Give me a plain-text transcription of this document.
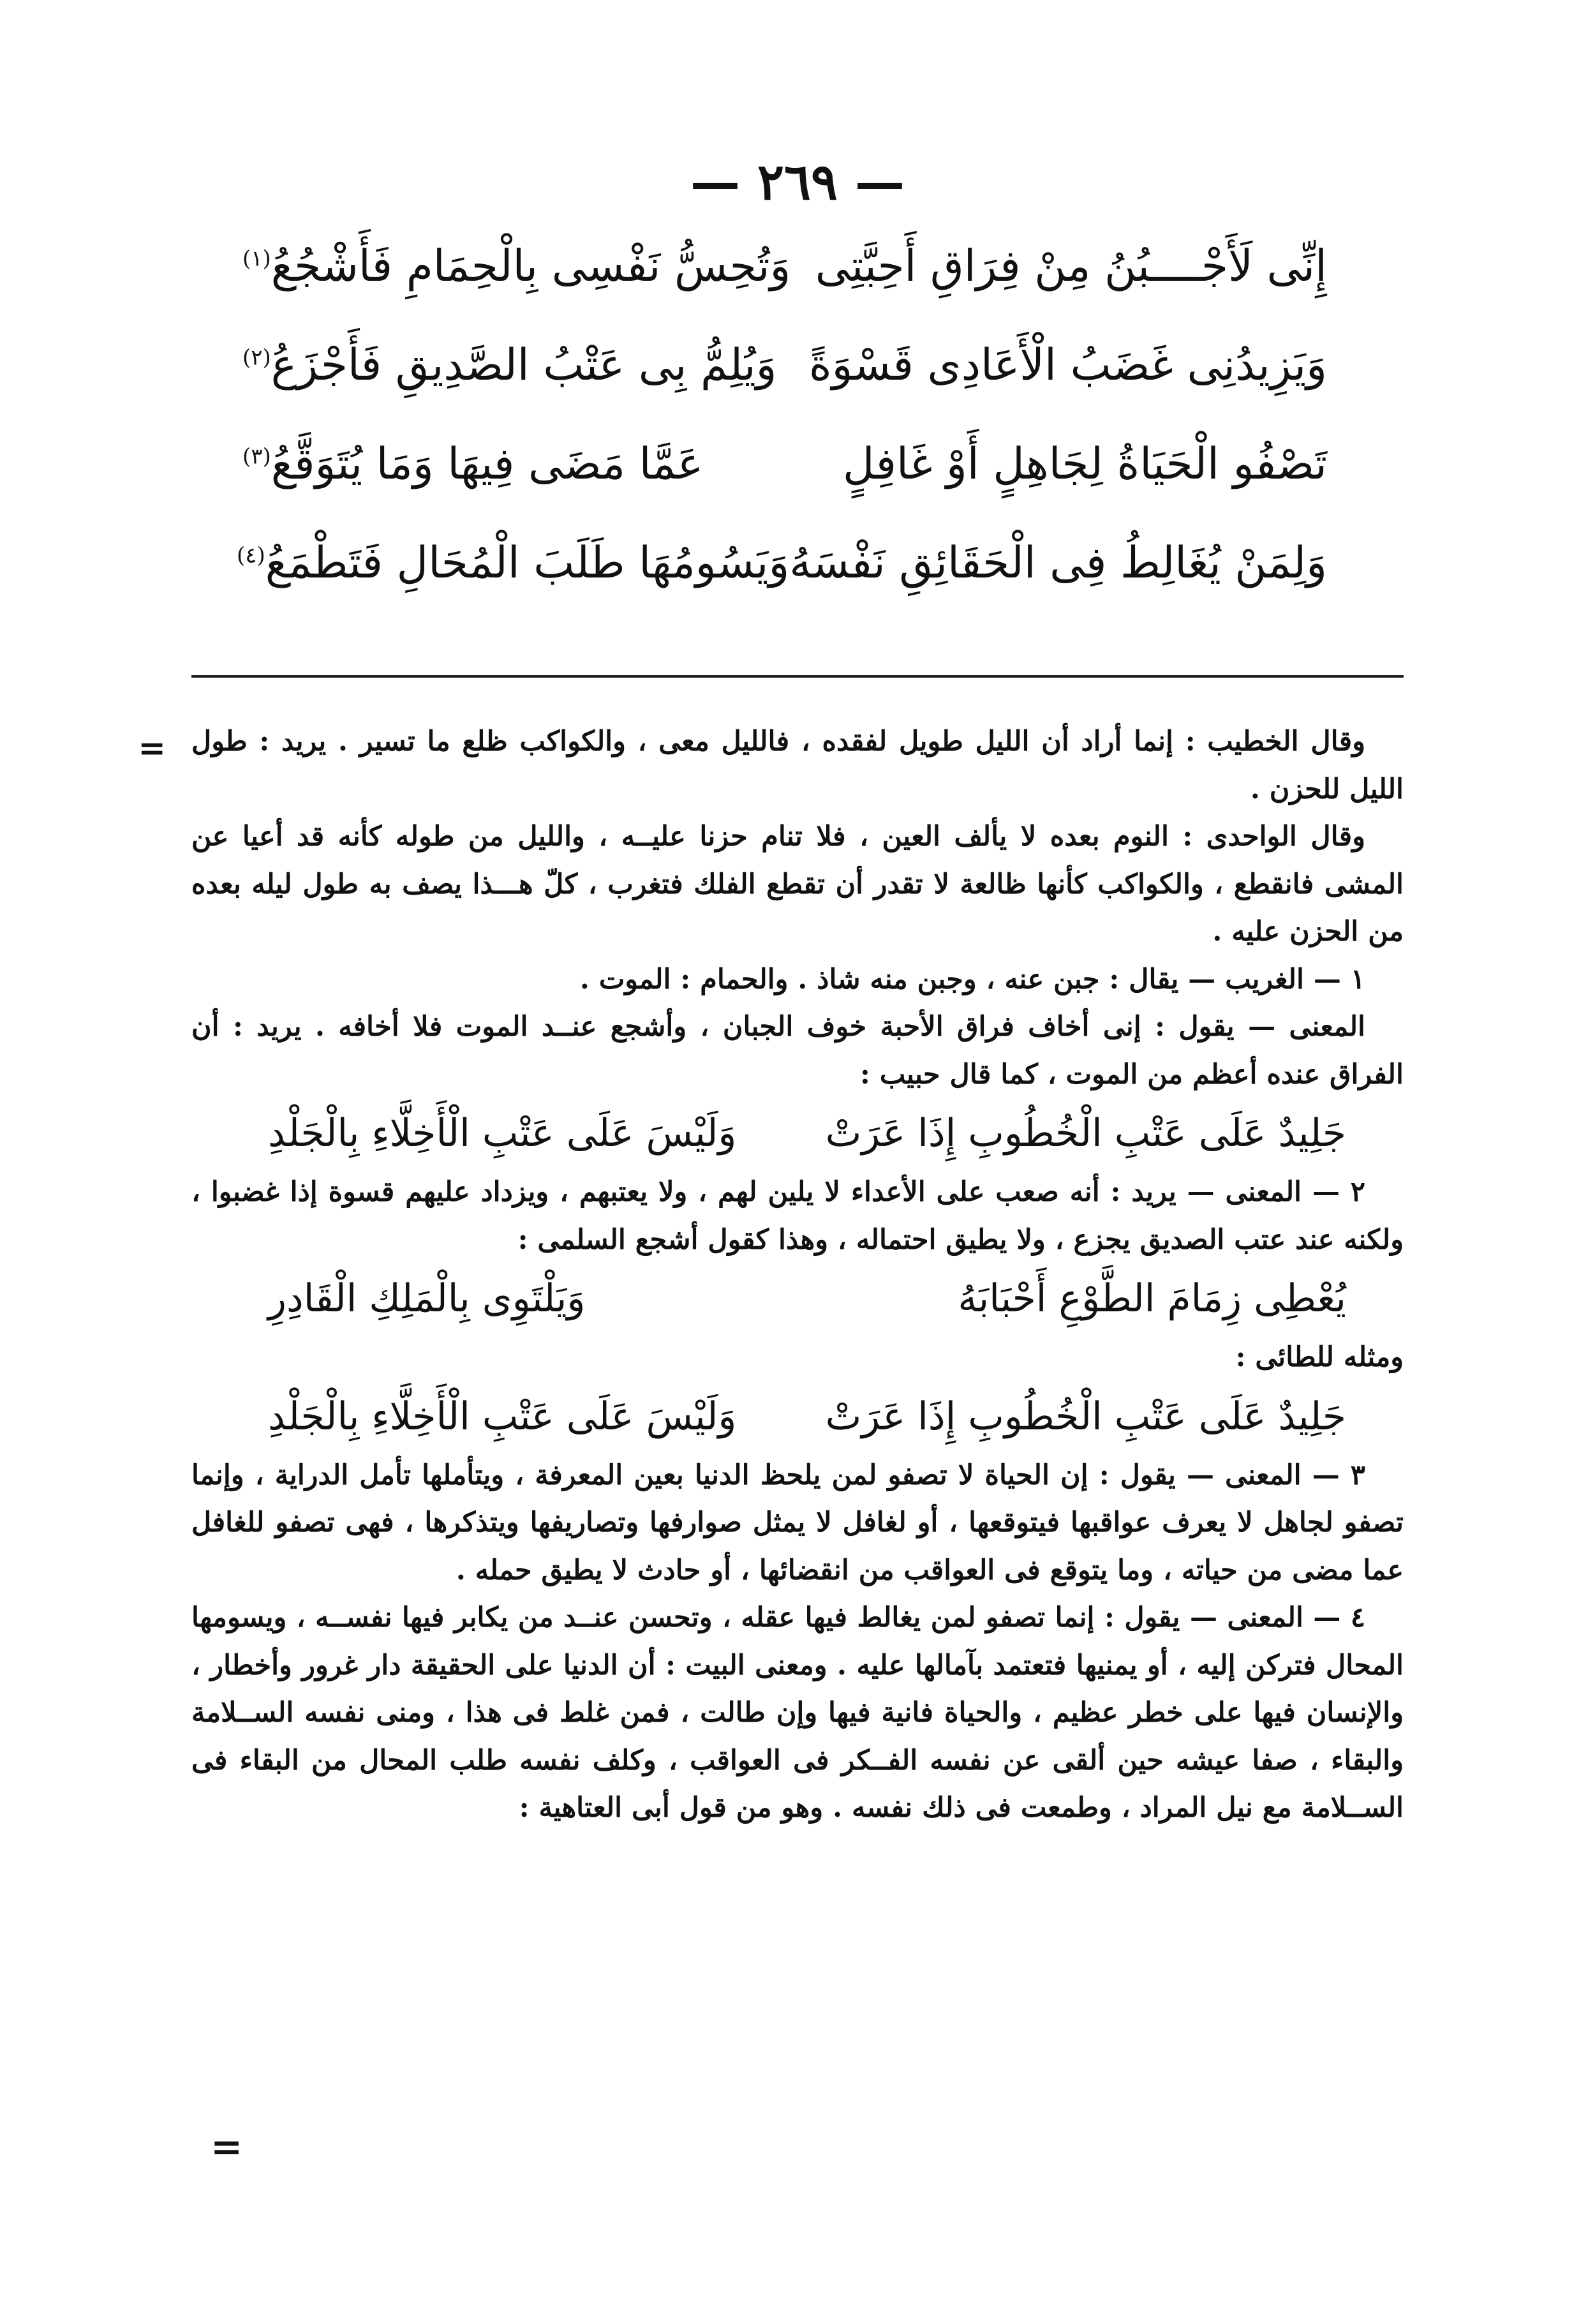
— ٢٦٩ —
إِنِّى لَأَجْــــبُنُ مِنْ فِرَاقِ أَحِبَّتِى
وَتُحِسُّ نَفْسِى بِالْحِمَامِ فَأَشْجُعُ$^{(١)}$
وَيَزِيدُنِى غَضَبُ الْأَعَادِى قَسْوَةً
وَيُلِمُّ بِى عَتْبُ الصَّدِيقِ فَأَجْزَعُ$^{(٢)}$
تَصْفُو الْحَيَاةُ لِجَاهِلٍ أَوْ غَافِلٍ
عَمَّا مَضَى فِيهَا وَمَا يُتَوَقَّعُ$^{(٣)}$
وَلِمَنْ يُغَالِطُ فِى الْحَقَائِقِ نَفْسَهُ
وَيَسُومُهَا طَلَبَ الْمُحَالِ فَتَطْمَعُ$^{(٤)}$
= وقال الخطيب : إنما أراد أن الليل طويل لفقده ، فالليل معى ، والكواكب ظلع ما تسير . يريد : طول الليل للحزن .

وقال الواحدى : النوم بعده لا يألف العين ، فلا تنام حزنا عليــه ، والليل من طوله كأنه قد أعيا عن المشى فانقطع ، والكواكب كأنها ظالعة لا تقدر أن تقطع الفلك فتغرب ، كلّ هـــذا يصف به طول ليله بعده من الحزن عليه .

١ — الغريب — يقال : جبن عنه ، وجبن منه شاذ . والحمام : الموت .

المعنى — يقول : إنى أخاف فراق الأحبة خوف الجبان ، وأشجع عنــد الموت فلا أخافه . يريد : أن الفراق عنده أعظم من الموت ، كما قال حبيب :

جَلِيدٌ عَلَى عَتْبِ الْخُطُوبِ إِذَا عَرَتْ
وَلَيْسَ عَلَى عَتْبِ الْأَخِلَّاءِ بِالْجَلْدِ

٢ — المعنى — يريد : أنه صعب على الأعداء لا يلين لهم ، ولا يعتبهم ، ويزداد عليهم قسوة إذا غضبوا ، ولكنه عند عتب الصديق يجزع ، ولا يطيق احتماله ، وهذا كقول أشجع السلمى :

يُعْطِى زِمَامَ الطَّوْعِ أَحْبَابَهُ
وَيَلْتَوِى بِالْمَلِكِ الْقَادِرِ

ومثله للطائى :

جَلِيدٌ عَلَى عَتْبِ الْخُطُوبِ إِذَا عَرَتْ
وَلَيْسَ عَلَى عَتْبِ الْأَخِلَّاءِ بِالْجَلْدِ

٣ — المعنى — يقول : إن الحياة لا تصفو لمن يلحظ الدنيا بعين المعرفة ، ويتأملها تأمل الدراية ، وإنما تصفو لجاهل لا يعرف عواقبها فيتوقعها ، أو لغافل لا يمثل صوارفها وتصاريفها ويتذكرها ، فهى تصفو للغافل عما مضى من حياته ، وما يتوقع فى العواقب من انقضائها ، أو حادث لا يطيق حمله .

٤ — المعنى — يقول : إنما تصفو لمن يغالط فيها عقله ، وتحسن عنــد من يكابر فيها نفســه ، ويسومها المحال فتركن إليه ، أو يمنيها فتعتمد بآمالها عليه . ومعنى البيت : أن الدنيا على الحقيقة دار غرور وأخطار ، والإنسان فيها على خطر عظيم ، والحياة فانية فيها وإن طالت ، فمن غلط فى هذا ، ومنى نفسه الســلامة والبقاء ، صفا عيشه حين ألقى عن نفسه الفــكر فى العواقب ، وكلف نفسه طلب المحال من البقاء فى الســلامة مع نيل المراد ، وطمعت فى ذلك نفسه . وهو من قول أبى العتاهية :

=
